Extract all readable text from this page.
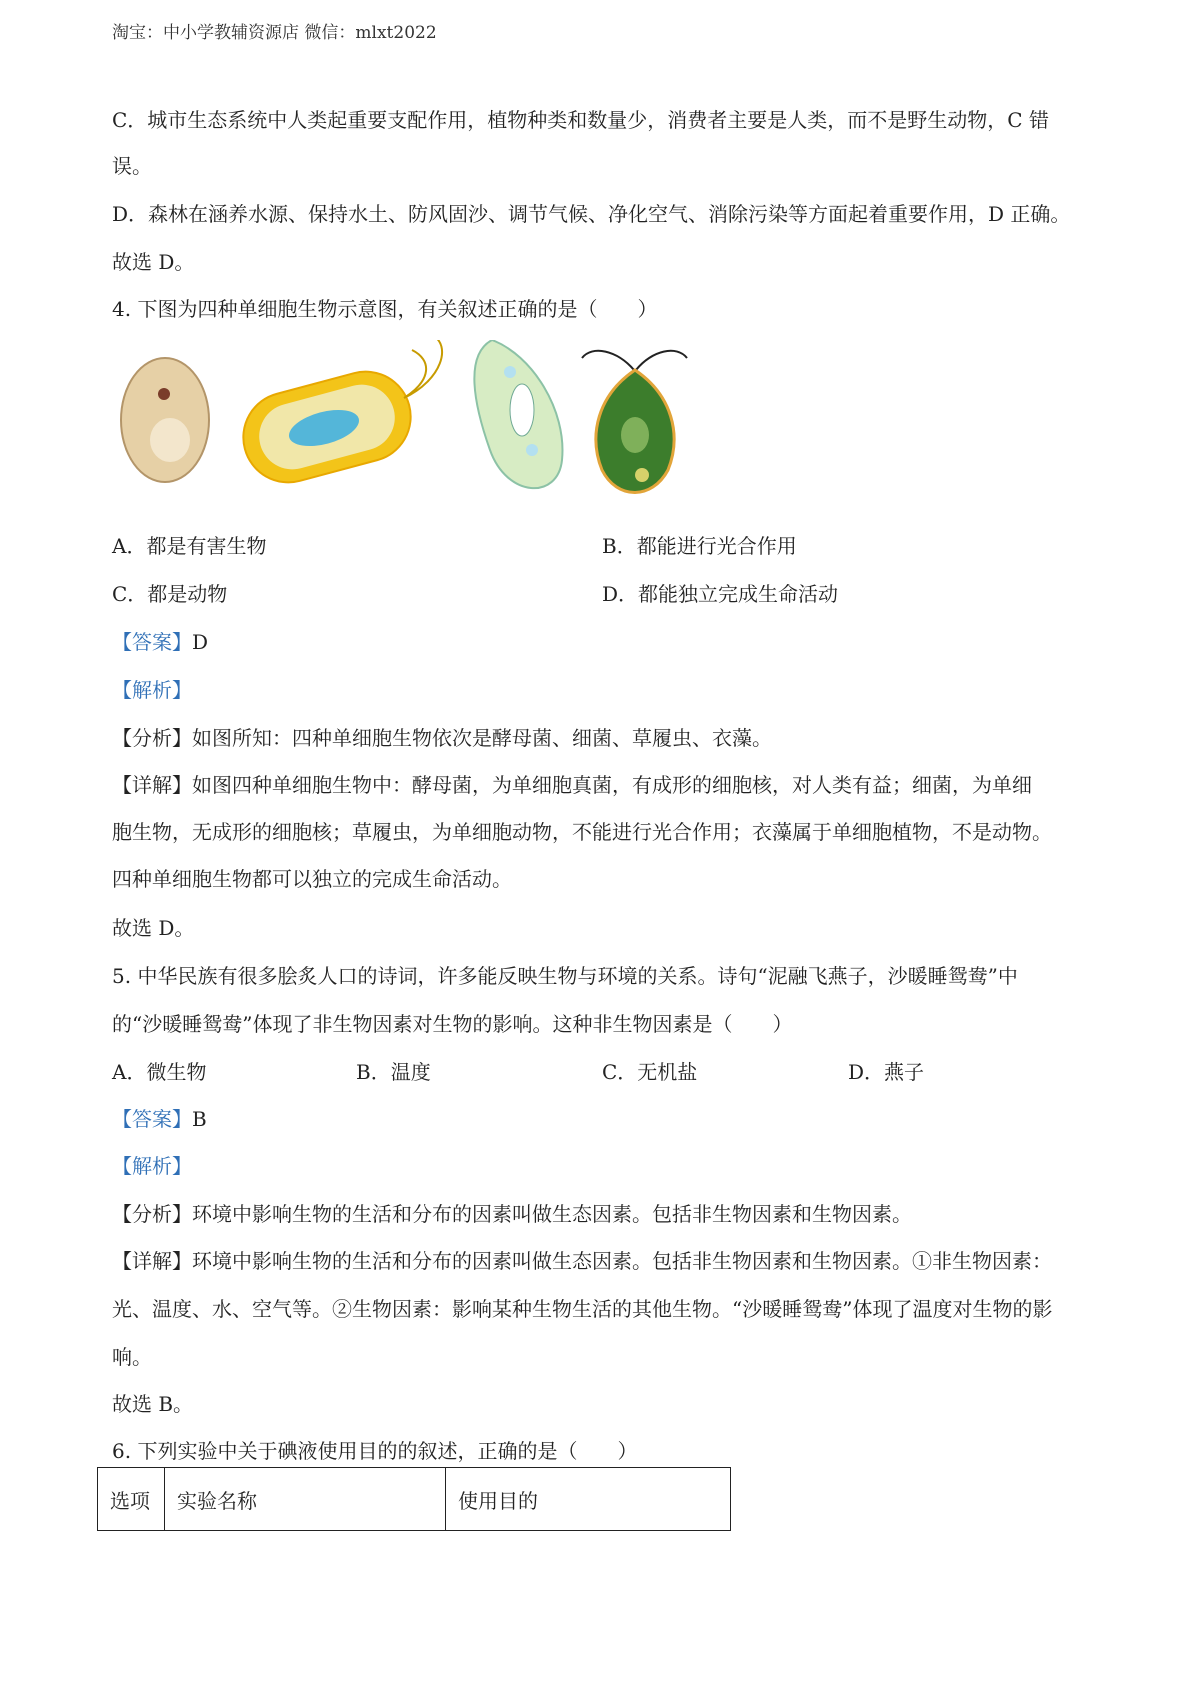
淘宝：中小学教辅资源店 微信：mlxt2022
C．城市生态系统中人类起重要支配作用，植物种类和数量少，消费者主要是人类，而不是野生动物，C 错
误。
D．森林在涵养水源、保持水土、防风固沙、调节气候、净化空气、消除污染等方面起着重要作用，D 正确。
故选 D。
4. 下图为四种单细胞生物示意图，有关叙述正确的是（　　）
A．都是有害生物	B．都能进行光合作用
C．都是动物	D．都能独立完成生命活动
【答案】D
【解析】
【分析】如图所知：四种单细胞生物依次是酵母菌、细菌、草履虫、衣藻。
【详解】如图四种单细胞生物中：酵母菌，为单细胞真菌，有成形的细胞核，对人类有益；细菌，为单细
胞生物，无成形的细胞核；草履虫，为单细胞动物，不能进行光合作用；衣藻属于单细胞植物，不是动物。
四种单细胞生物都可以独立的完成生命活动。
故选 D。
5. 中华民族有很多脍炙人口的诗词，许多能反映生物与环境的关系。诗句“泥融飞燕子，沙暖睡鸳鸯”中
的“沙暖睡鸳鸯”体现了非生物因素对生物的影响。这种非生物因素是（　　）
A．微生物	B．温度	C．无机盐	D．燕子
【答案】B
【解析】
【分析】环境中影响生物的生活和分布的因素叫做生态因素。包括非生物因素和生物因素。
【详解】环境中影响生物的生活和分布的因素叫做生态因素。包括非生物因素和生物因素。①非生物因素：
光、温度、水、空气等。②生物因素：影响某种生物生活的其他生物。“沙暖睡鸳鸯”体现了温度对生物的影
响。
故选 B。
6. 下列实验中关于碘液使用目的的叙述，正确的是（　　）
选项	实验名称	使用目的
